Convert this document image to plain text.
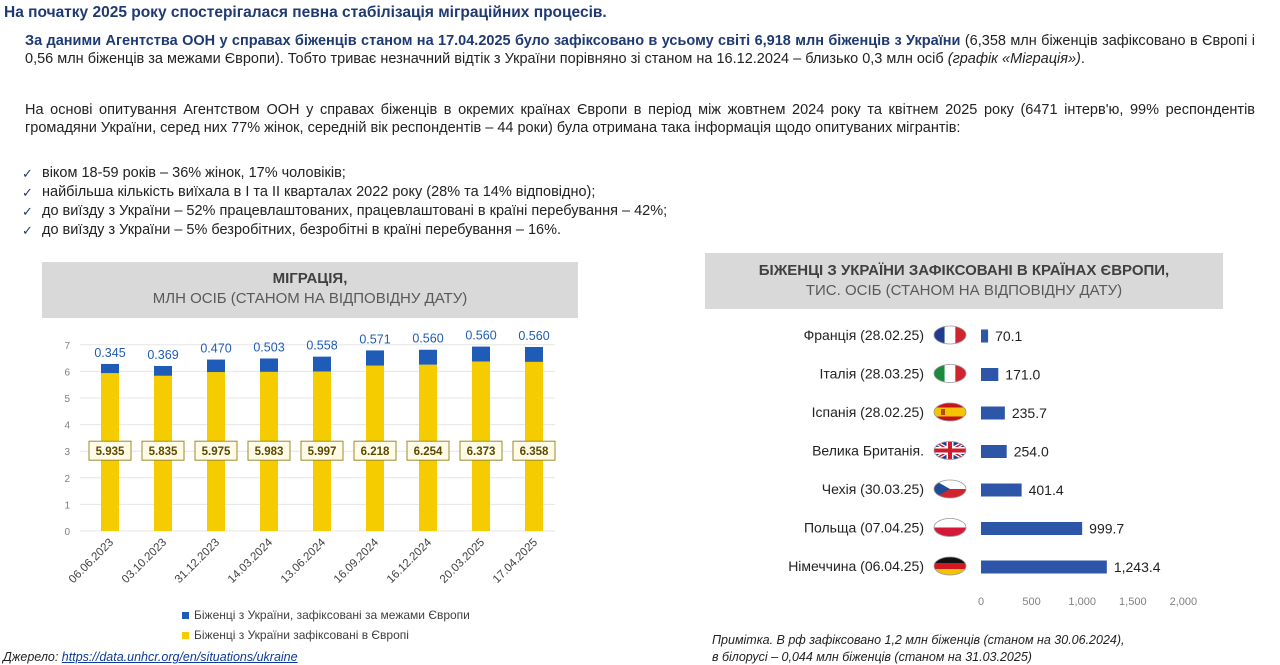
На початку 2025 року спостерігалася певна стабілізація міграційних процесів.
За даними Агентства ООН у справах біженців станом на 17.04.2025 було зафіксовано в усьому світі 6,918 млн біженців з України (6,358 млн біженців зафіксовано в Європі і 0,56 млн біженців за межами Європи). Тобто триває незначний відтік з України порівняно зі станом на 16.12.2024 – близько 0,3 млн осіб (графік «Міграція»).
На основі опитування Агентством ООН у справах біженців в окремих країнах Європи в період між жовтнем 2024 року та квітнем 2025 року (6471 інтерв'ю, 99% респондентів громадяни України, серед них 77% жінок, середній вік респондентів – 44 роки) була отримана така інформація щодо опитуваних мігрантів:
✓ віком 18-59 років – 36% жінок, 17% чоловіків;
✓ найбільша кількість виїхала в І та ІІ кварталах 2022 року (28% та 14% відповідно);
✓ до виїзду з України – 52% працевлаштованих, працевлаштовані в країні перебування – 42%;
✓ до виїзду з України – 5% безробітних, безробітні в країні перебування – 16%.
МІГРАЦІЯ,
МЛН ОСІБ (СТАНОМ НА ВІДПОВІДНУ ДАТУ)
БІЖЕНЦІ З УКРАЇНИ ЗАФІКСОВАНІ В КРАЇНАХ ЄВРОПИ,
ТИС. ОСІБ (СТАНОМ НА ВІДПОВІДНУ ДАТУ)
0
1
2
3
4
5
6
7 0.345
5.935
06.06.2023
0.369
5.835
03.10.2023
0.470
5.975
31.12.2023
0.503
5.983
14.03.2024
0.558
5.997
13.06.2024
0.571
6.218
16.09.2024
0.560
6.254
16.12.2024
0.560
6.373
20.03.2025
0.560
6.358
17.04.2025
Біженці з України, зафіксовані за межами Європи
Біженці з України зафіксовані в Європі
Франція (28.02.25)	70.1
Італія (28.03.25)	171.0
Іспанія (28.02.25)	235.7
Велика Британія.	254.0
Чехія (30.03.25)	401.4
Польща (07.04.25)	999.7
Німеччина (06.04.25)	1,243.4
0	500	1,000 1,500 2,000
Джерело: https://data.unhcr.org/en/situations/ukraine
Примітка. В рф зафіксовано 1,2 млн біженців (станом на 30.06.2024),
в білорусі – 0,044 млн біженців (станом на 31.03.2025)
